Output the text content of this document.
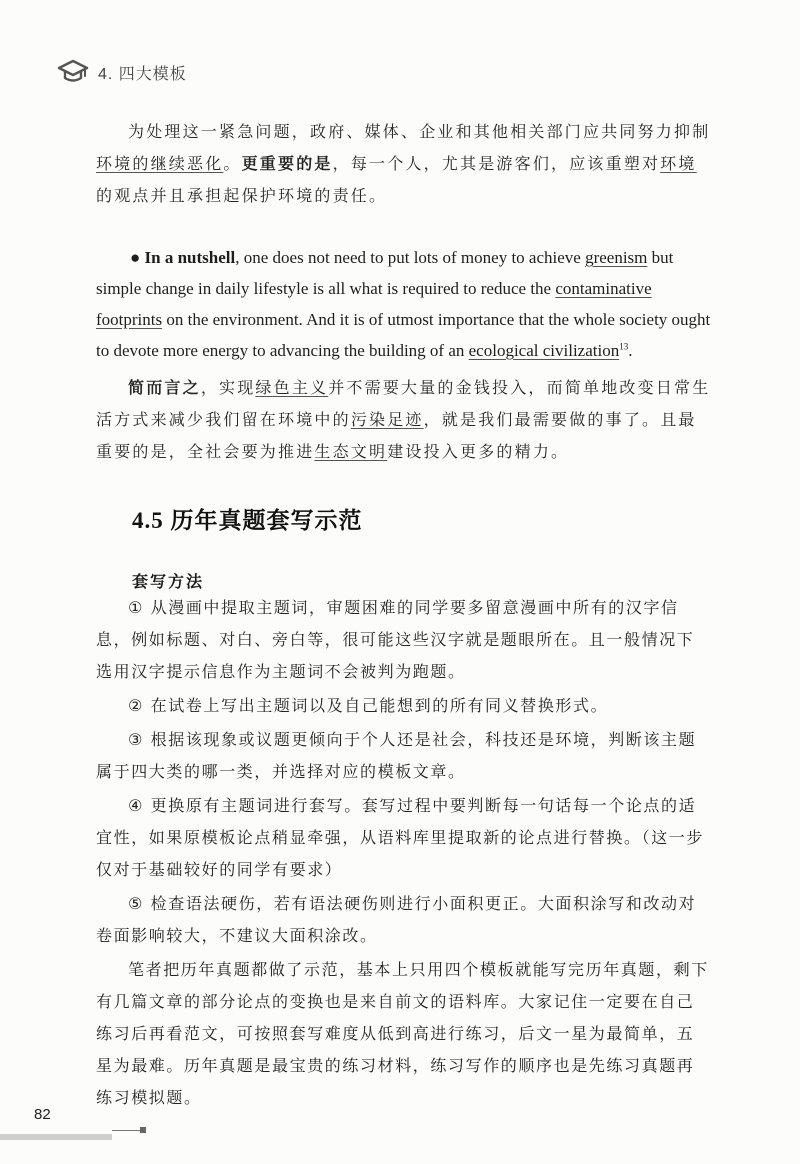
4. 四大模板

为处理这一紧急问题，政府、媒体、企业和其他相关部门应共同努力抑制环境的继续恶化。更重要的是，每一个人，尤其是游客们，应该重塑对环境的观点并且承担起保护环境的责任。

● In a nutshell, one does not need to put lots of money to achieve greenism but simple change in daily lifestyle is all what is required to reduce the contaminative footprints on the environment. And it is of utmost importance that the whole society ought to devote more energy to advancing the building of an ecological civilization$^{13}$.

简而言之，实现绿色主义并不需要大量的金钱投入，而简单地改变日常生活方式来减少我们留在环境中的污染足迹，就是我们最需要做的事了。且最重要的是，全社会要为推进生态文明建设投入更多的精力。

4.5 历年真题套写示范
套写方法

① 从漫画中提取主题词，审题困难的同学要多留意漫画中所有的汉字信息，例如标题、对白、旁白等，很可能这些汉字就是题眼所在。且一般情况下选用汉字提示信息作为主题词不会被判为跑题。

② 在试卷上写出主题词以及自己能想到的所有同义替换形式。

③ 根据该现象或议题更倾向于个人还是社会，科技还是环境，判断该主题属于四大类的哪一类，并选择对应的模板文章。

④ 更换原有主题词进行套写。套写过程中要判断每一句话每一个论点的适宜性，如果原模板论点稍显牵强，从语料库里提取新的论点进行替换。（这一步仅对于基础较好的同学有要求）

⑤ 检查语法硬伤，若有语法硬伤则进行小面积更正。大面积涂写和改动对卷面影响较大，不建议大面积涂改。

笔者把历年真题都做了示范，基本上只用四个模板就能写完历年真题，剩下有几篇文章的部分论点的变换也是来自前文的语料库。大家记住一定要在自己练习后再看范文，可按照套写难度从低到高进行练习，后文一星为最简单，五星为最难。历年真题是最宝贵的练习材料，练习写作的顺序也是先练习真题再练习模拟题。

82
